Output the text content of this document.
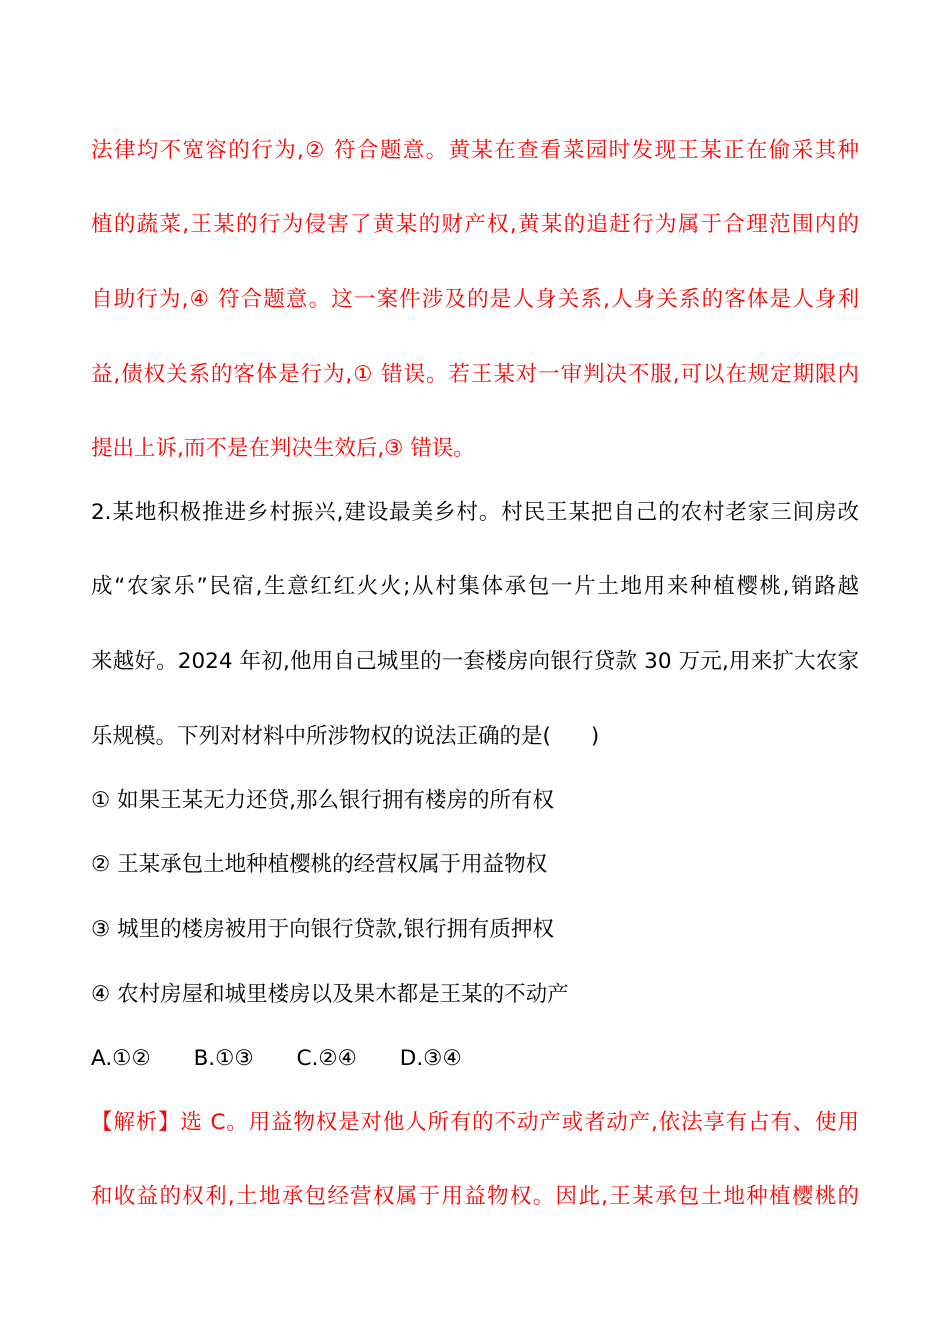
法律均不宽容的行为,② 符合题意。黄某在查看菜园时发现王某正在偷采其种
植的蔬菜,王某的行为侵害了黄某的财产权,黄某的追赶行为属于合理范围内的
自助行为,④ 符合题意。这一案件涉及的是人身关系,人身关系的客体是人身利
益,债权关系的客体是行为,① 错误。若王某对一审判决不服,可以在规定期限内
提出上诉,而不是在判决生效后,③ 错误。
2.某地积极推进乡村振兴,建设最美乡村。村民王某把自己的农村老家三间房改
成“农家乐”民宿,生意红红火火;从村集体承包一片土地用来种植樱桃,销路越
来越好。2024 年初,他用自己城里的一套楼房向银行贷款 30 万元,用来扩大农家
乐规模。下列对材料中所涉物权的说法正确的是( )
① 如果王某无力还贷,那么银行拥有楼房的所有权
② 王某承包土地种植樱桃的经营权属于用益物权
③ 城里的楼房被用于向银行贷款,银行拥有质押权
④ 农村房屋和城里楼房以及果木都是王某的不动产
A.①② B.①③ C.②④ D.③④
【解析】选 C。用益物权是对他人所有的不动产或者动产,依法享有占有、使用
和收益的权利,土地承包经营权属于用益物权。因此,王某承包土地种植樱桃的
